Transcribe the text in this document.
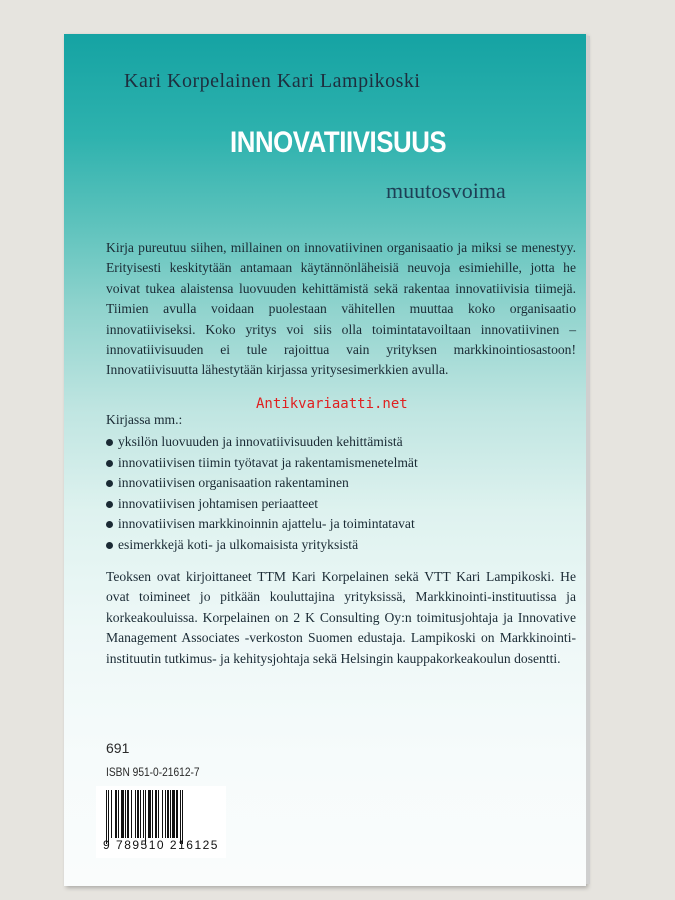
Kari Korpelainen Kari Lampikoski
INNOVATIIVISUUS
muutosvoima
Kirja pureutuu siihen, millainen on innovatiivinen organisaatio ja miksi se menestyy. Erityisesti keskitytään antamaan käytännönläheisiä neuvoja esimiehille, jotta he voivat tukea alaistensa luovuuden kehittämistä sekä rakentaa innovatiivisia tiimejä. Tiimien avulla voidaan puolestaan vähitellen muuttaa koko organisaatio innovatiiviseksi. Koko yritys voi siis olla toimintatavoiltaan innovatiivinen – innovatiivisuuden ei tule rajoittua vain yrityksen markkinointiosastoon! Innovatiivisuutta lähestytään kirjassa yritysesimerkkien avulla.
Antikvariaatti.net
Kirjassa mm.:
yksilön luovuuden ja innovatiivisuuden kehittämistä
innovatiivisen tiimin työtavat ja rakentamismenetelmät
innovatiivisen organisaation rakentaminen
innovatiivisen johtamisen periaatteet
innovatiivisen markkinoinnin ajattelu- ja toimintatavat
esimerkkejä koti- ja ulkomaisista yrityksistä
Teoksen ovat kirjoittaneet TTM Kari Korpelainen sekä VTT Kari Lampikoski. He ovat toimineet jo pitkään kouluttajina yrityksissä, Markkinointi-instituutissa ja korkeakouluissa. Korpelainen on 2 K Consulting Oy:n toimitusjohtaja ja Innovative Management Associates -verkoston Suomen edustaja. Lampikoski on Markkinointi-instituutin tutkimus- ja kehitysjohtaja sekä Helsingin kauppakorkeakoulun dosentti.
691
ISBN 951-0-21612-7
9 789510 216125
